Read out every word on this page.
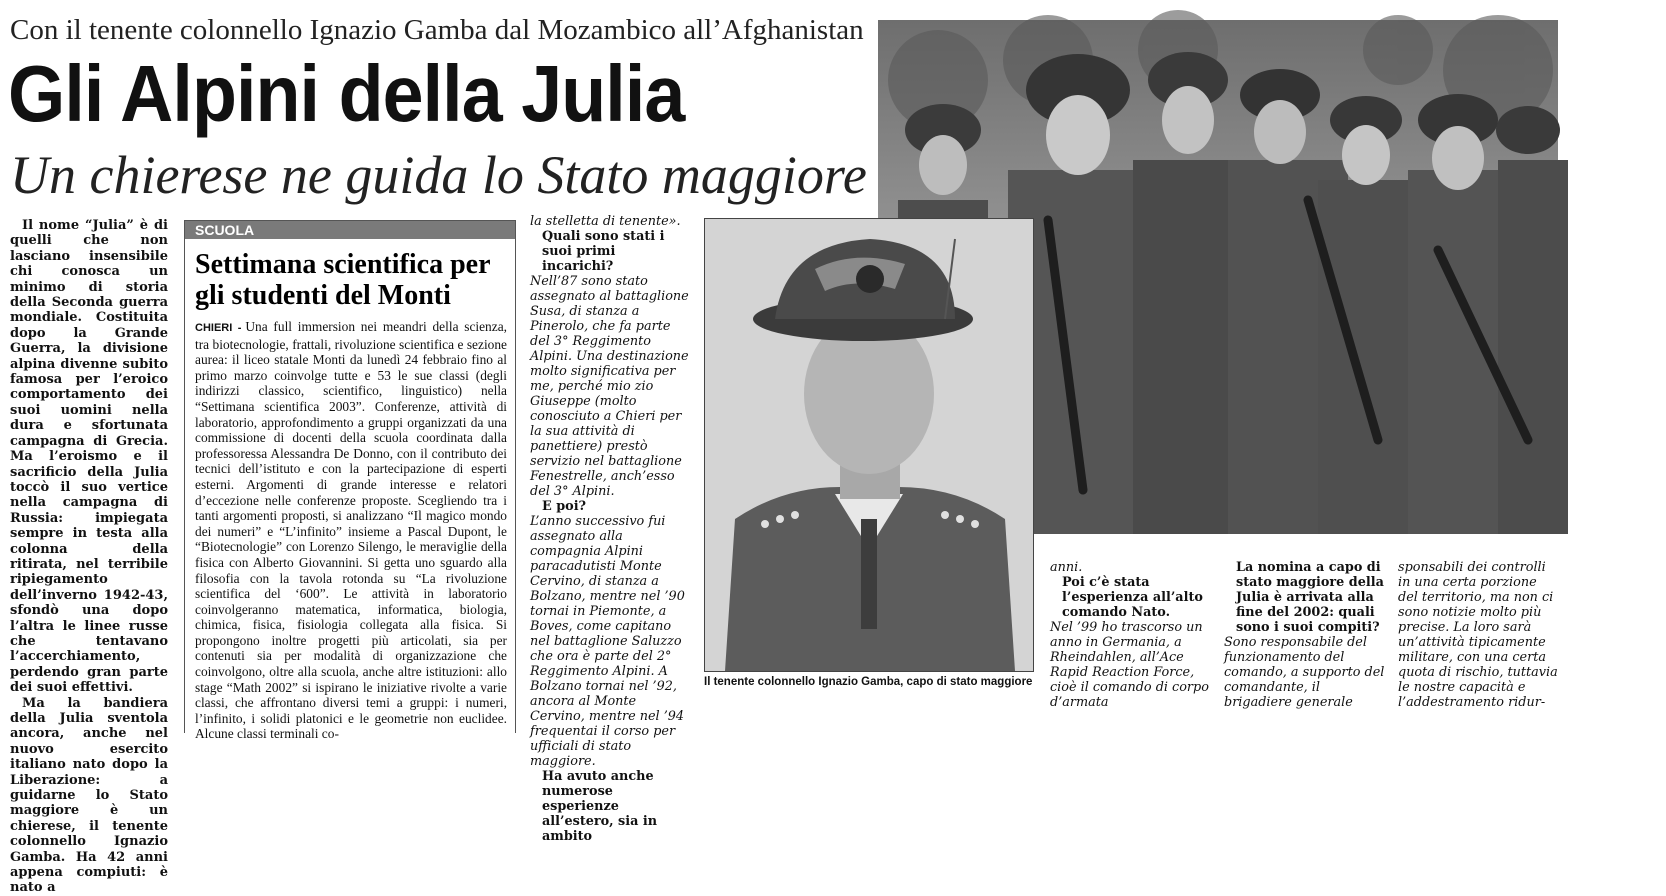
Con il tenente colonnello Ignazio Gamba dal Mozambico all’Afghanistan
Gli Alpini della Julia
Un chierese ne guida lo Stato maggiore

Il nome “Julia” è di quelli che non lasciano insensibile chi conosca un minimo di storia della Seconda guerra mondiale. Costituita dopo la Grande Guerra, la divisione alpina divenne subito famosa per l’eroico comportamento dei suoi uomini nella dura e sfortunata campagna di Grecia. Ma l’eroismo e il sacrificio della Julia toccò il suo vertice nella campagna di Russia: impiegata sempre in testa alla colonna della ritirata, nel terribile ripiegamento dell’inverno 1942-43, sfondò una dopo l’altra le linee russe che tentavano l’accerchiamento, perdendo gran parte dei suoi effettivi.

Ma la bandiera della Julia sventola ancora, anche nel nuovo esercito italiano nato dopo la Liberazione: a guidarne lo Stato maggiore è un chierese, il tenente colonnello Ignazio Gamba. Ha 42 anni appena compiuti: è nato a

SCUOLA
Settimana scientifica per gli studenti del Monti
CHIERI - Una full immersion nei meandri della scienza, tra biotecnologie, frattali, rivoluzione scientifica e sezione aurea: il liceo statale Monti da lunedì 24 febbraio fino al primo marzo coinvolge tutte e 53 le sue classi (degli indirizzi classico, scientifico, linguistico) nella “Settimana scientifica 2003”. Conferenze, attività di laboratorio, approfondimento a gruppi organizzati da una commissione di docenti della scuola coordinata dalla professoressa Alessandra De Donno, con il contributo dei tecnici dell’istituto e con la partecipazione di esperti esterni. Argomenti di grande interesse e relatori d’eccezione nelle conferenze proposte. Scegliendo tra i tanti argomenti proposti, si analizzano “Il magico mondo dei numeri” e “L’infinito” insieme a Pascal Dupont, le “Biotecnologie” con Lorenzo Silengo, le meraviglie della fisica con Alberto Giovannini. Si getta uno sguardo alla filosofia con la tavola rotonda su “La rivoluzione scientifica del ‘600”. Le attività in laboratorio coinvolgeranno matematica, informatica, biologia, chimica, fisica, fisiologia collegata alla fisica. Si propongono inoltre progetti più articolati, sia per contenuti sia per modalità di organizzazione che coinvolgono, oltre alla scuola, anche altre istituzioni: allo stage “Math 2002” si ispirano le iniziative rivolte a varie classi, che affrontano diversi temi a gruppi: i numeri, l’infinito, i solidi platonici e le geometrie non euclidee. Alcune classi terminali co-
la stelletta di tenente».
Quali sono stati i suoi primi incarichi?
Nell’87 sono stato assegnato al battaglione Susa, di stanza a Pinerolo, che fa parte del 3° Reggimento Alpini. Una destinazione molto significativa per me, perché mio zio Giuseppe (molto conosciuto a Chieri per la sua attività di panettiere) prestò servizio nel battaglione Fenestrelle, anch’esso del 3° Alpini.
E poi?
L’anno successivo fui assegnato alla compagnia Alpini paracadutisti Monte Cervino, di stanza a Bolzano, mentre nel ’90 tornai in Piemonte, a Boves, come capitano nel battaglione Saluzzo che ora è parte del 2° Reggimento Alpini. A Bolzano tornai nel ’92, ancora al Monte Cervino, mentre nel ’94 frequentai il corso per ufficiali di stato maggiore.
Ha avuto anche numerose esperienze all’estero, sia in ambito
Il tenente colonnello Ignazio Gamba, capo di stato maggiore
anni.
Poi c’è stata l’esperienza all’alto comando Nato.
Nel ’99 ho trascorso un anno in Germania, a Rheindahlen, all’Ace Rapid Reaction Force, cioè il comando di corpo d’armata
La nomina a capo di stato maggiore della Julia è arrivata alla fine del 2002: quali sono i suoi compiti?
Sono responsabile del funzionamento del comando, a supporto del comandante, il brigadiere generale
sponsabili dei controlli in una certa porzione del territorio, ma non ci sono notizie molto più precise. La loro sarà un’attività tipicamente militare, con una certa quota di rischio, tuttavia le nostre capacità e l’addestramento ridur-
